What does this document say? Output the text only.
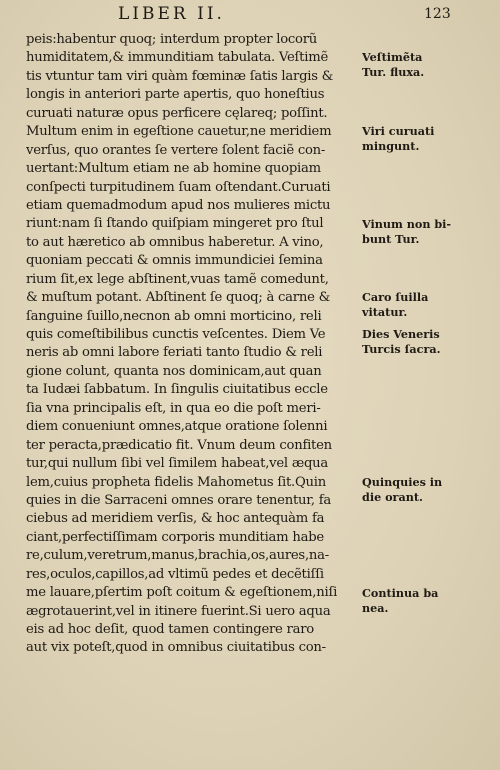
LIBER II.	123
peis:habentur quoq; interdum propter locorũ
humiditatem,& immunditiam tabulata. Veſtimẽ
tis vtuntur tam viri quàm fœminæ ſatis largis &
longis in anteriori parte apertis, quo honeſtius
curuati naturæ opus perficere cęlareq; poſſint.
Multum enim in egeſtione cauetur,ne meridiem
verſus, quo orantes ſe vertere ſolent faciẽ con-
uertant:Multum etiam ne ab homine quopiam
conſpecti turpitudinem ſuam oſtendant.Curuati
etiam quemadmodum apud nos mulieres mictu
riunt:nam ſi ſtando quiſpiam mingeret pro ſtul
to aut hæretico ab omnibus haberetur. A vino,
quoniam peccati & omnis immundiciei ſemina
rium ſit,ex lege abſtinent,vuas tamẽ comedunt,
& muſtum potant. Abſtinent ſe quoq; à carne &
ſanguine ſuillo,necnon ab omni morticino, reli
quis comeſtibilibus cunctis veſcentes. Diem Ve
neris ab omni labore feriati tanto ſtudio & reli
gione colunt, quanta nos dominicam,aut quan
ta Iudæi ſabbatum. In ſingulis ciuitatibus eccle
ſia vna principalis eſt, in qua eo die poſt meri-
diem conueniunt omnes,atque oratione ſolenni
ter peracta,prædicatio fit. Vnum deum confiten
tur,qui nullum ſibi vel ſimilem habeat,vel æqua
lem,cuius propheta fidelis Mahometus ſit.Quin
quies in die Sarraceni omnes orare tenentur, fa
ciebus ad meridiem verſis, & hoc antequàm fa
ciant,perfectiſſimam corporis munditiam habe
re,culum,veretrum,manus,brachia,os,aures,na-
res,oculos,capillos,ad vltimũ pedes et decẽtiſſi
me lauare,pſertim poſt coitum & egeſtionem,niſi
ægrotauerint,vel in itinere fuerint.Si uero aqua
eis ad hoc deſit, quod tamen contingere raro
aut vix poteſt,quod in omnibus ciuitatibus con-
Veſtimẽta
Tur. fluxa.
Viri curuati
mingunt.
Vinum non bi-
bunt Tur.
Caro ſuilla
vitatur.
Dies Veneris
Turcis ſacra.
Quinquies in
die orant.
Continua ba
nea.
